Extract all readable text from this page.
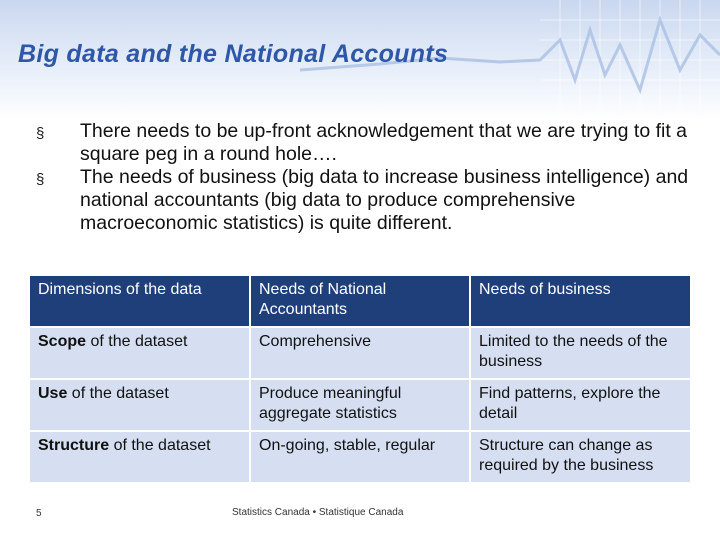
Big data and the National Accounts
§ There needs to be up-front acknowledgement that we are trying to fit a square peg in a round hole….
§ The needs of business (big data to increase business intelligence) and national accountants (big data to produce comprehensive macroeconomic statistics) is quite different.
Dimensions of the data	Needs of National Accountants	Needs of business
Scope of the dataset	Comprehensive	Limited to the needs of the business
Use of the dataset	Produce meaningful aggregate statistics	Find patterns, explore the detail
Structure of the dataset	On-going, stable, regular	Structure can change as required by the business
5	Statistics Canada • Statistique Canada
